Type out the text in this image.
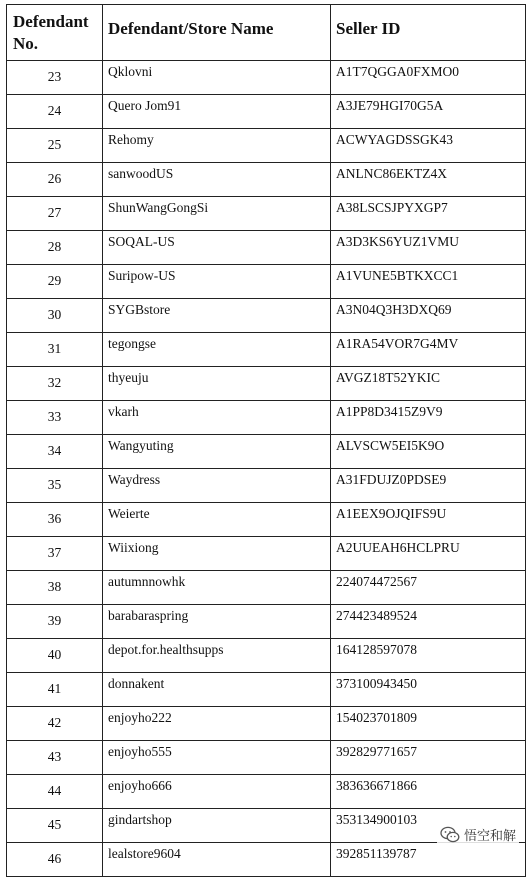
Defendant
No.	Defendant/Store Name	Seller ID
23	Qklovni	A1T7QGGA0FXMO0
24	Quero Jom91	A3JE79HGI70G5A
25	Rehomy	ACWYAGDSSGK43
26	sanwoodUS	ANLNC86EKTZ4X
27	ShunWangGongSi	A38LSCSJPYXGP7
28	SOQAL-US	A3D3KS6YUZ1VMU
29	Suripow-US	A1VUNE5BTKXCC1
30	SYGBstore	A3N04Q3H3DXQ69
31	tegongse	A1RA54VOR7G4MV
32	thyeuju	AVGZ18T52YKIC
33	vkarh	A1PP8D3415Z9V9
34	Wangyuting	ALVSCW5EI5K9O
35	Waydress	A31FDUJZ0PDSE9
36	Weierte	A1EEX9OJQIFS9U
37	Wiixiong	A2UUEAH6HCLPRU
38	autumnnowhk	224074472567
39	barabaraspring	274423489524
40	depot.for.healthsupps	164128597078
41	donnakent	373100943450
42	enjoyho222	154023701809
43	enjoyho555	392829771657
44	enjoyho666	383636671866
45	gindartshop	353134900103
46	lealstore9604	392851139787
悟空和解
